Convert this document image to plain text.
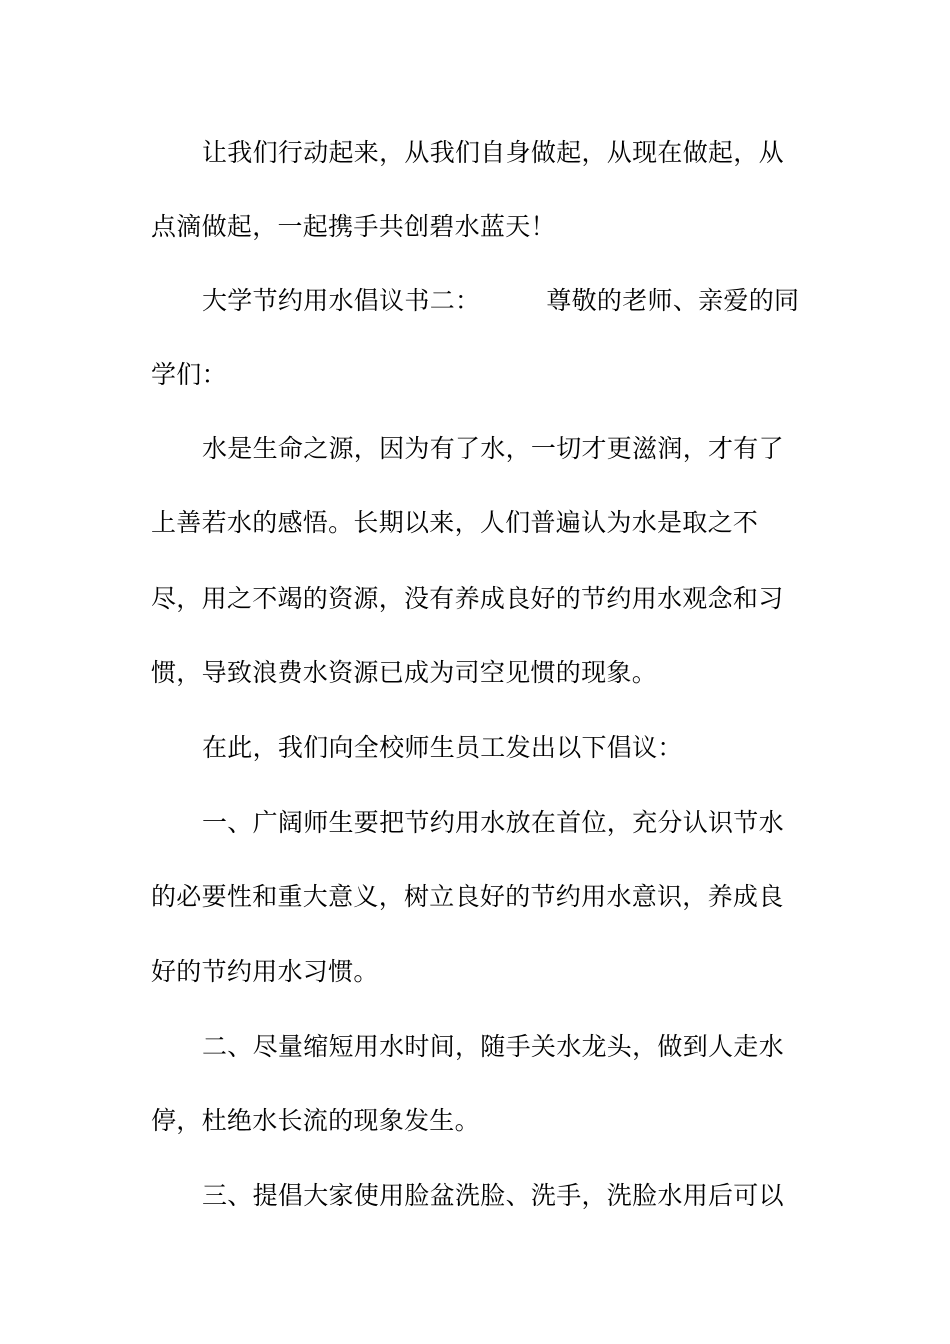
让我们行动起来，从我们自身做起，从现在做起，从
点滴做起，一起携手共创碧水蓝天！
大学节约用水倡议书二：	尊敬的老师、亲爱的同
学们：
水是生命之源，因为有了水，一切才更滋润，才有了
上善若水的感悟。长期以来，人们普遍认为水是取之不
尽，用之不竭的资源，没有养成良好的节约用水观念和习
惯，导致浪费水资源已成为司空见惯的现象。
在此，我们向全校师生员工发出以下倡议：
一、广阔师生要把节约用水放在首位，充分认识节水
的必要性和重大意义，树立良好的节约用水意识，养成良
好的节约用水习惯。
二、尽量缩短用水时间，随手关水龙头，做到人走水
停，杜绝水长流的现象发生。
三、提倡大家使用脸盆洗脸、洗手，洗脸水用后可以
